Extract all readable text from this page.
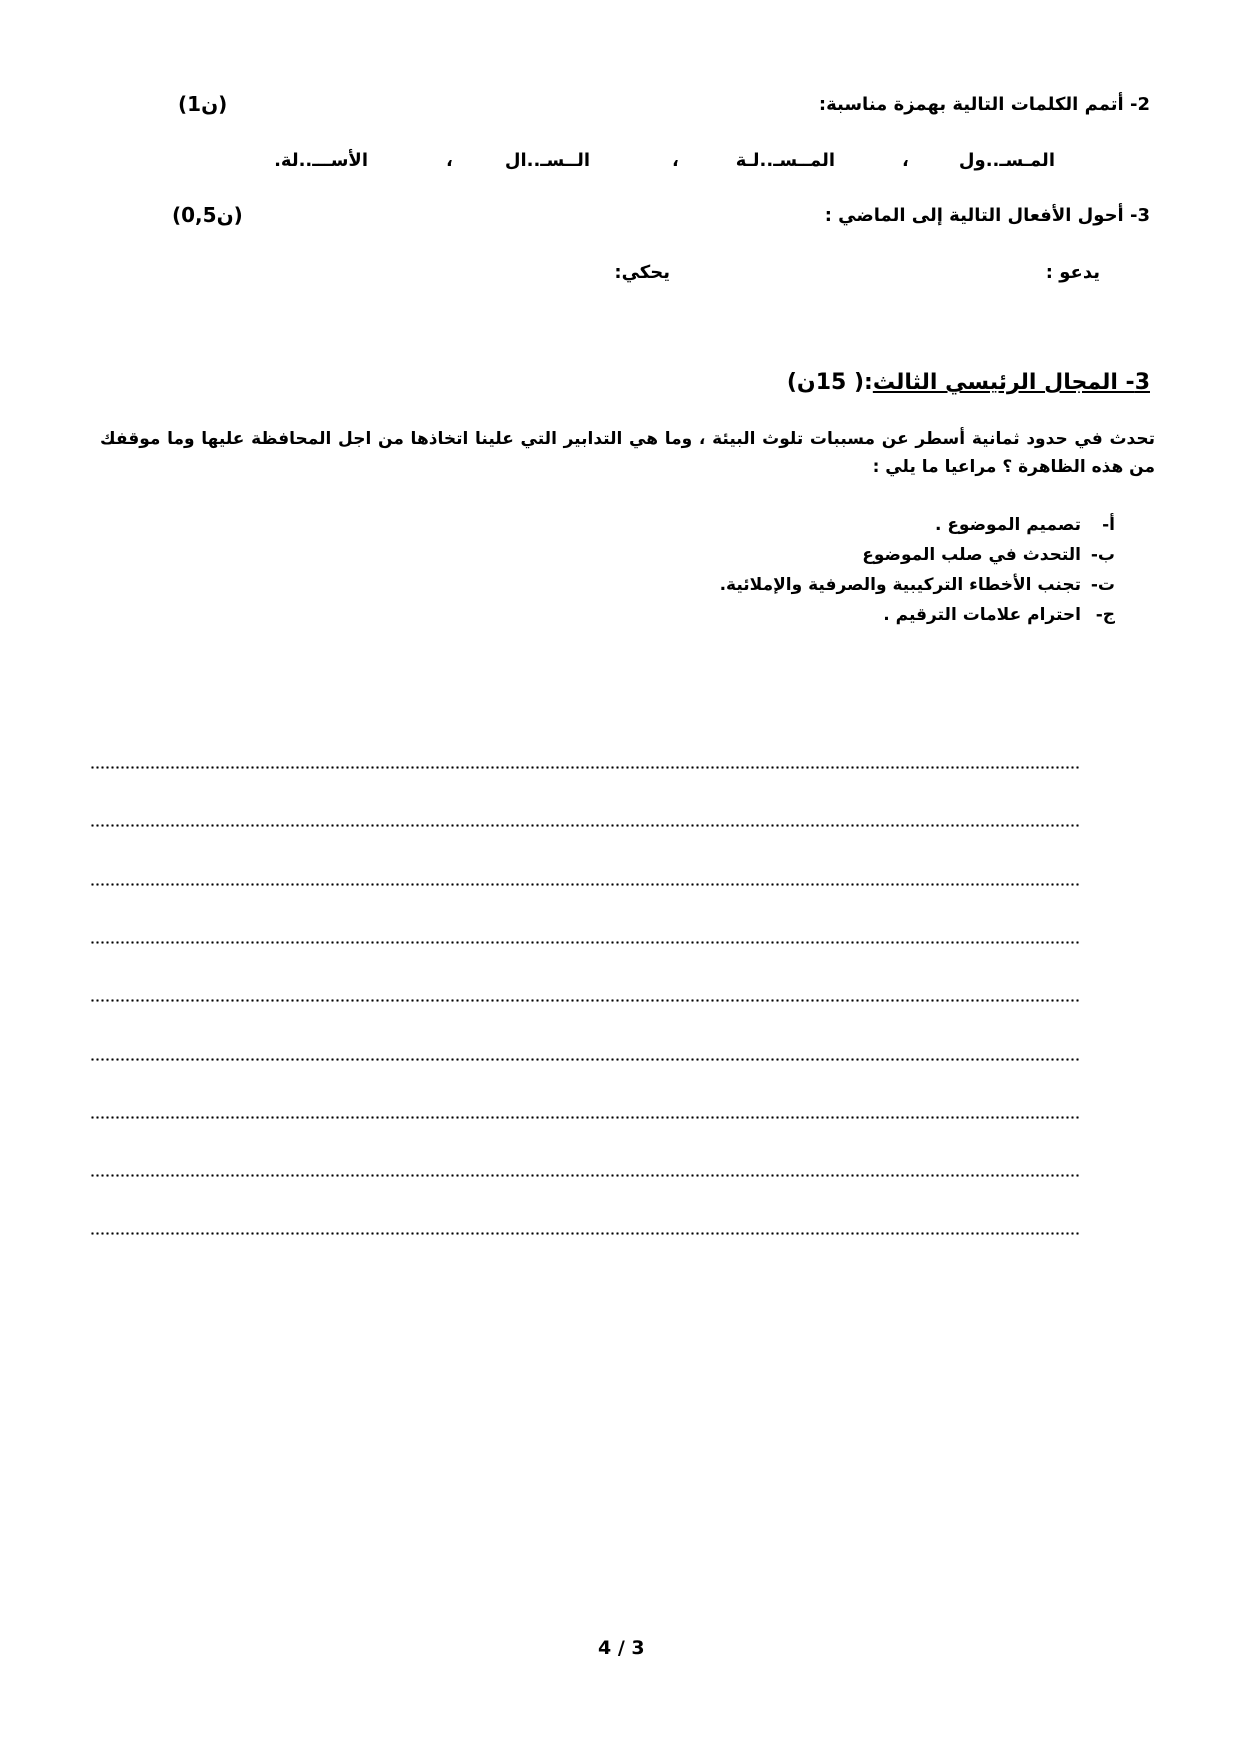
2- أتمم الكلمات التالية بهمزة مناسبة:
(1ن)
المـسـ..ول
،
المــسـ..لـة
،
الــسـ..ال
،
الأســـ..لة.
3- أحول الأفعال التالية إلى الماضي :
(0,5ن)
يدعو :
يحكي:
3- المجال الرئيسي الثالث:( 15ن)
تحدث في حدود ثمانية أسطر عن مسببات تلوث البيئة ، وما هي التدابير التي علينا اتخاذها من اجل المحافظة عليها وما موقفك من هذه الظاهرة ؟ مراعيا ما يلي :
أ-تصميم الموضوع .
ب-التحدث في صلب الموضوع
ت-تجنب الأخطاء التركيبية والصرفية والإملائية.
ج-احترام علامات الترقيم .
4 / 3
